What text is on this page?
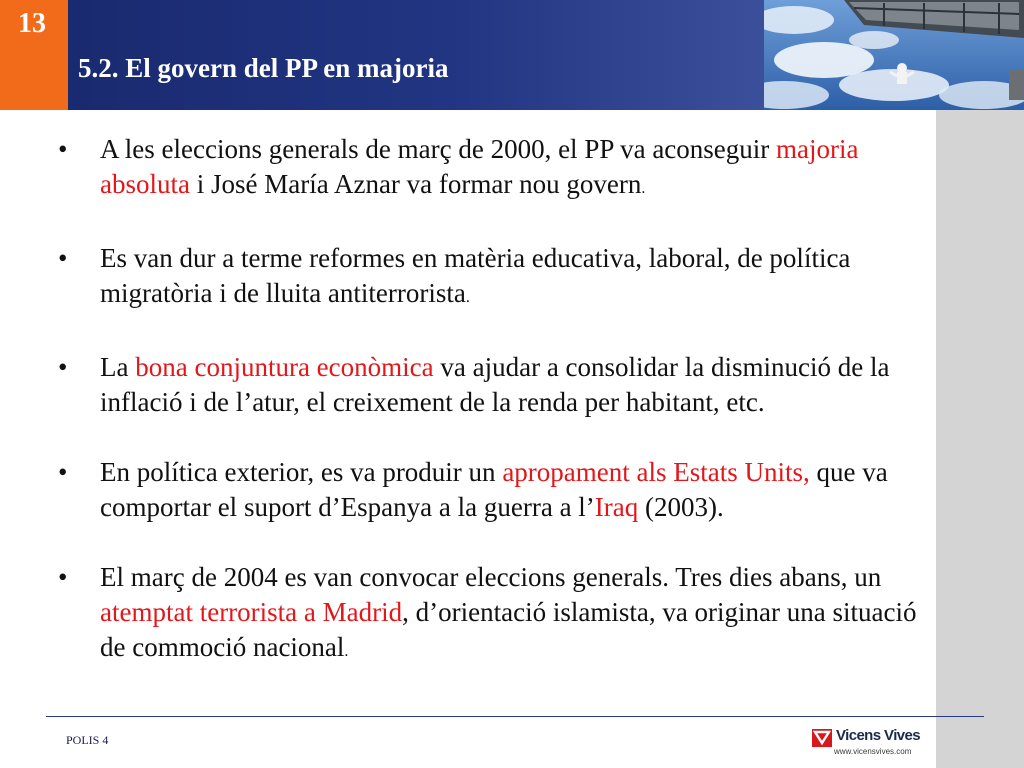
13
5.2. El govern del PP en majoria
•	A les eleccions generals de març de 2000, el PP va aconseguir majoria absoluta i José María Aznar va formar nou govern.
•	Es van dur a terme reformes en matèria educativa, laboral, de política migratòria i de lluita antiterrorista.
•	La bona conjuntura econòmica va ajudar a consolidar la disminució de la inflació i de l’atur, el creixement de la renda per habitant, etc.
•	En política exterior, es va produir un apropament als Estats Units, que va comportar el suport d’Espanya a la guerra a l’Iraq (2003).
•	El març de 2004 es van convocar eleccions generals. Tres dies abans, un atemptat terrorista a Madrid, d’orientació islamista, va originar una situació de commoció nacional.
POLIS 4	Vicens Vives
www.vicensvives.com
